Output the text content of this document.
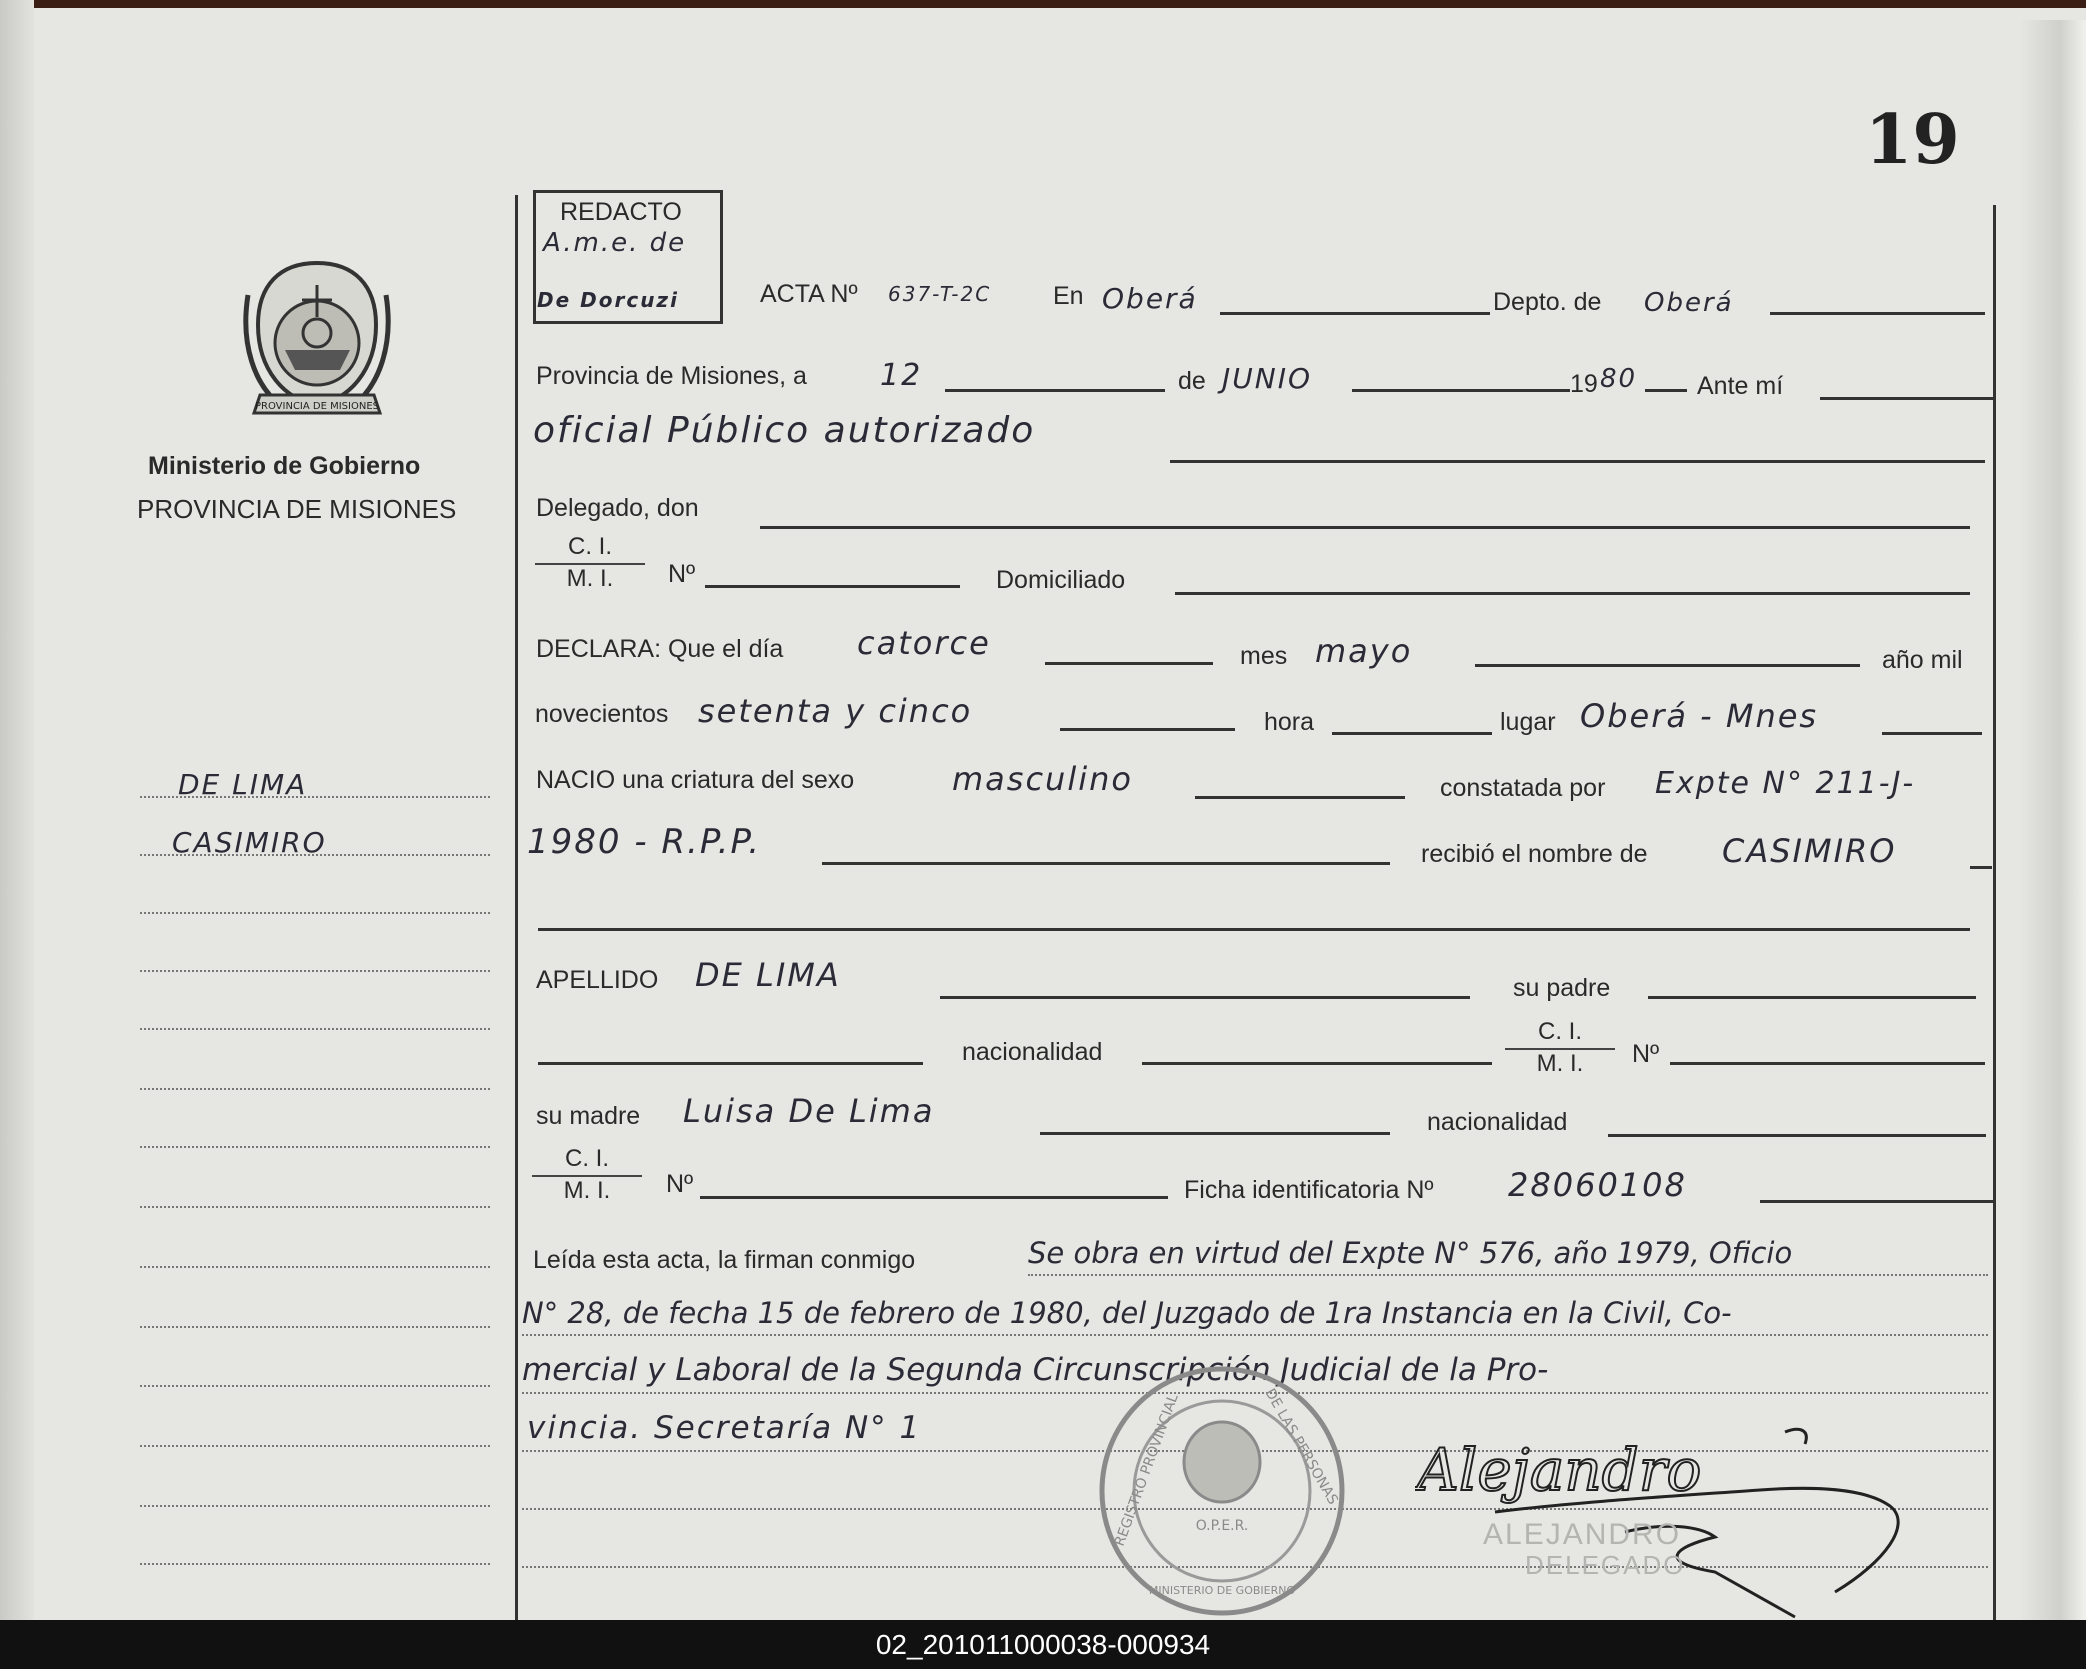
19
PROVINCIA DE MISIONES
Ministerio de Gobierno
PROVINCIA DE MISIONES
DE LIMA
CASIMIRO
REDACTO
A.m.e. de
De Dorcuzi	ACTA Nº 637-T-2C En Oberá	Depto. de Oberá
Provincia de Misiones, a 12	de JUNIO	19 80 Ante mí
oficial Público autorizado
Delegado, don
$\frac{C. I.}{M. I.}$ Nº	Domiciliado
DECLARA: Que el día catorce	mes mayo	año mil
novecientos setenta y cinco	hora	lugar Oberá - Mnes
NACIO una criatura del sexo	masculino	constatada por Expte N° 211-J-
1980 - R.P.P.	recibió el nombre de CASIMIRO
APELLIDO DE LIMA	su padre
nacionalidad	$\frac{C. I.}{M. I.}$ Nº
su madre Luisa De Lima	nacionalidad
$\frac{C. I.}{M. I.}$ Nº	Ficha identificatoria Nº 28060108
Leída esta acta, la firman conmigo	Se obra en virtud del Expte N° 576, año 1979, Oficio
N° 28, de fecha 15 de febrero de 1980, del Juzgado de 1ra Instancia en la Civil, Co-
mercial y Laboral de la Segunda Circunscripción Judicial de la Pro-
vincia. Secretaría N° 1	REGISTRO PROVINCIAL	DE LAS PERSONAS
O.P.E.R.
MINISTERIO DE GOBIERNO
Alejandro
ALEJANDRO
DELEGADO
02_201011000038-000934
